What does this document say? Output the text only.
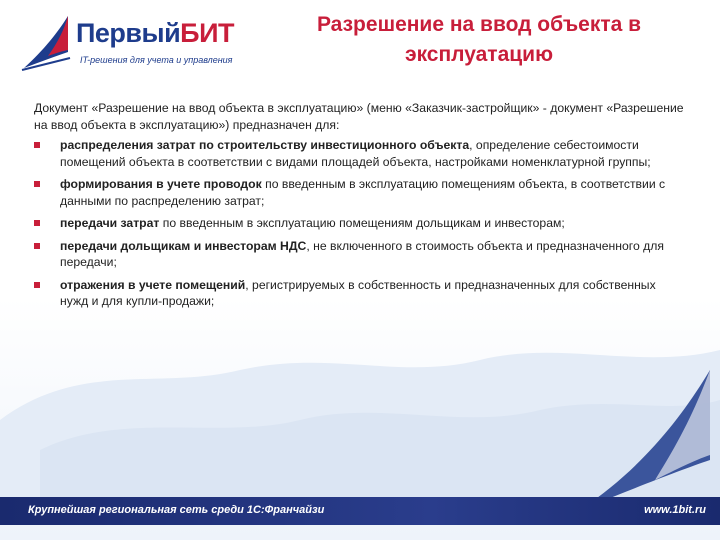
ПервыйБИТ
IT-решения для учета и управления
Разрешение на ввод объекта в эксплуатацию

Документ «Разрешение на ввод объекта в эксплуатацию» (меню «Заказчик-застройщик» - документ «Разрешение на ввод объекта в эксплуатацию») предназначен для:

распределения затрат по строительству инвестиционного объекта, определение себестоимости помещений объекта в соответствии с видами площадей объекта, настройками номенклатурной группы;
формирования в учете проводок по введенным в эксплуатацию помещениям объекта, в соответствии с данными по распределению затрат;
передачи затрат по введенным в эксплуатацию помещениям дольщикам и инвесторам;
передачи дольщикам и инвесторам НДС, не включенного в стоимость объекта и предназначенного для передачи;
отражения в учете помещений, регистрируемых в собственность и предназначенных для собственных нужд и для купли-продажи;
Крупнейшая региональная сеть среди 1С:Франчайзи	www.1bit.ru
